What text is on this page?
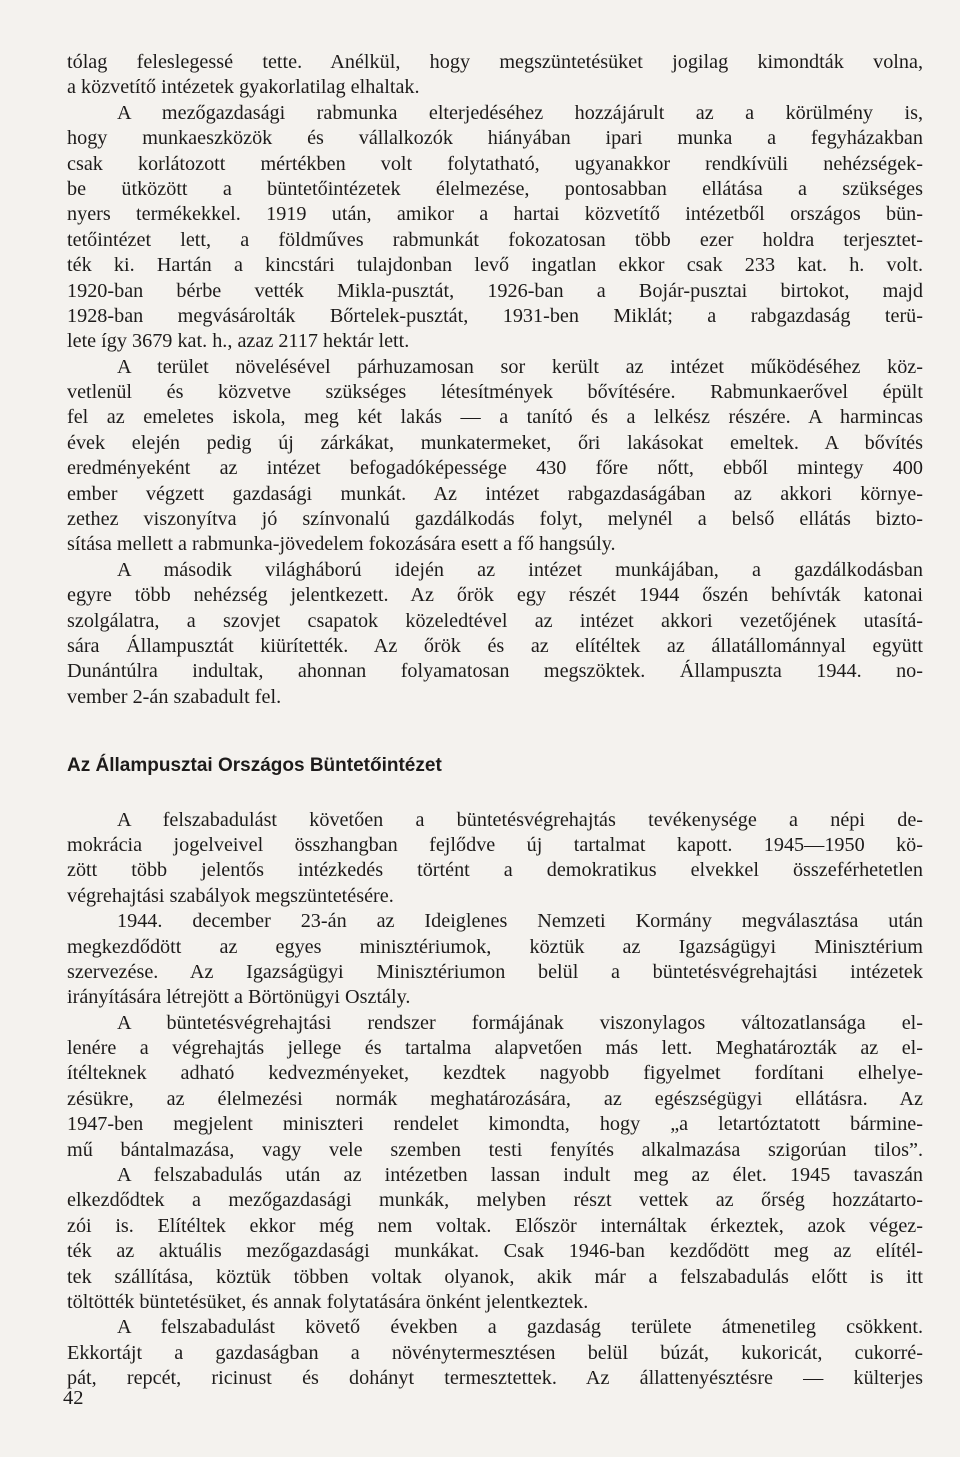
tólag feleslegessé tette. Anélkül, hogy megszüntetésüket jogilag kimondták volna,
a közvetítő intézetek gyakorlatilag elhaltak.
A mezőgazdasági rabmunka elterjedéséhez hozzájárult az a körülmény is,
hogy munkaeszközök és vállalkozók hiányában ipari munka a fegyházakban
csak korlátozott mértékben volt folytatható, ugyanakkor rendkívüli nehézségek-
be ütközött a büntetőintézetek élelmezése, pontosabban ellátása a szükséges
nyers termékekkel. 1919 után, amikor a hartai közvetítő intézetből országos bün-
tetőintézet lett, a földműves rabmunkát fokozatosan több ezer holdra terjesztet-
ték ki. Hartán a kincstári tulajdonban levő ingatlan ekkor csak 233 kat. h. volt.
1920-ban bérbe vették Mikla-pusztát, 1926-ban a Bojár-pusztai birtokot, majd
1928-ban megvásárolták Bőrtelek-pusztát, 1931-ben Miklát; a rabgazdaság terü-
lete így 3679 kat. h., azaz 2117 hektár lett.
A terület növelésével párhuzamosan sor került az intézet működéséhez köz-
vetlenül és közvetve szükséges létesítmények bővítésére. Rabmunkaerővel épült
fel az emeletes iskola, meg két lakás — a tanító és a lelkész részére. A harmincas
évek elején pedig új zárkákat, munkatermeket, őri lakásokat emeltek. A bővítés
eredményeként az intézet befogadóképessége 430 főre nőtt, ebből mintegy 400
ember végzett gazdasági munkát. Az intézet rabgazdaságában az akkori környe-
zethez viszonyítva jó színvonalú gazdálkodás folyt, melynél a belső ellátás bizto-
sítása mellett a rabmunka-jövedelem fokozására esett a fő hangsúly.
A második világháború idején az intézet munkájában, a gazdálkodásban
egyre több nehézség jelentkezett. Az őrök egy részét 1944 őszén behívták katonai
szolgálatra, a szovjet csapatok közeledtével az intézet akkori vezetőjének utasítá-
sára Állampusztát kiürítették. Az őrök és az elítéltek az állatállománnyal együtt
Dunántúlra indultak, ahonnan folyamatosan megszöktek. Állampuszta 1944. no-
vember 2-án szabadult fel.
Az Állampusztai Országos Büntetőintézet
A felszabadulást követően a büntetésvégrehajtás tevékenysége a népi de-
mokrácia jogelveivel összhangban fejlődve új tartalmat kapott. 1945—1950 kö-
zött több jelentős intézkedés történt a demokratikus elvekkel összeférhetetlen
végrehajtási szabályok megszüntetésére.
1944. december 23-án az Ideiglenes Nemzeti Kormány megválasztása után
megkezdődött az egyes minisztériumok, köztük az Igazságügyi Minisztérium
szervezése. Az Igazságügyi Minisztériumon belül a büntetésvégrehajtási intézetek
irányítására létrejött a Börtönügyi Osztály.
A büntetésvégrehajtási rendszer formájának viszonylagos változatlansága el-
lenére a végrehajtás jellege és tartalma alapvetően más lett. Meghatározták az el-
ítélteknek adható kedvezményeket, kezdtek nagyobb figyelmet fordítani elhelye-
zésükre, az élelmezési normák meghatározására, az egészségügyi ellátásra. Az
1947-ben megjelent miniszteri rendelet kimondta, hogy „a letartóztatott bármine-
mű bántalmazása, vagy vele szemben testi fenyítés alkalmazása szigorúan tilos”.
A felszabadulás után az intézetben lassan indult meg az élet. 1945 tavaszán
elkezdődtek a mezőgazdasági munkák, melyben részt vettek az őrség hozzátarto-
zói is. Elítéltek ekkor még nem voltak. Először internáltak érkeztek, azok végez-
ték az aktuális mezőgazdasági munkákat. Csak 1946-ban kezdődött meg az elítél-
tek szállítása, köztük többen voltak olyanok, akik már a felszabadulás előtt is itt
töltötték büntetésüket, és annak folytatására önként jelentkeztek.
A felszabadulást követő években a gazdaság területe átmenetileg csökkent.
Ekkortájt a gazdaságban a növénytermesztésen belül búzát, kukoricát, cukorré-
pát, repcét, ricinust és dohányt termesztettek. Az állattenyésztésre — külterjes
42
